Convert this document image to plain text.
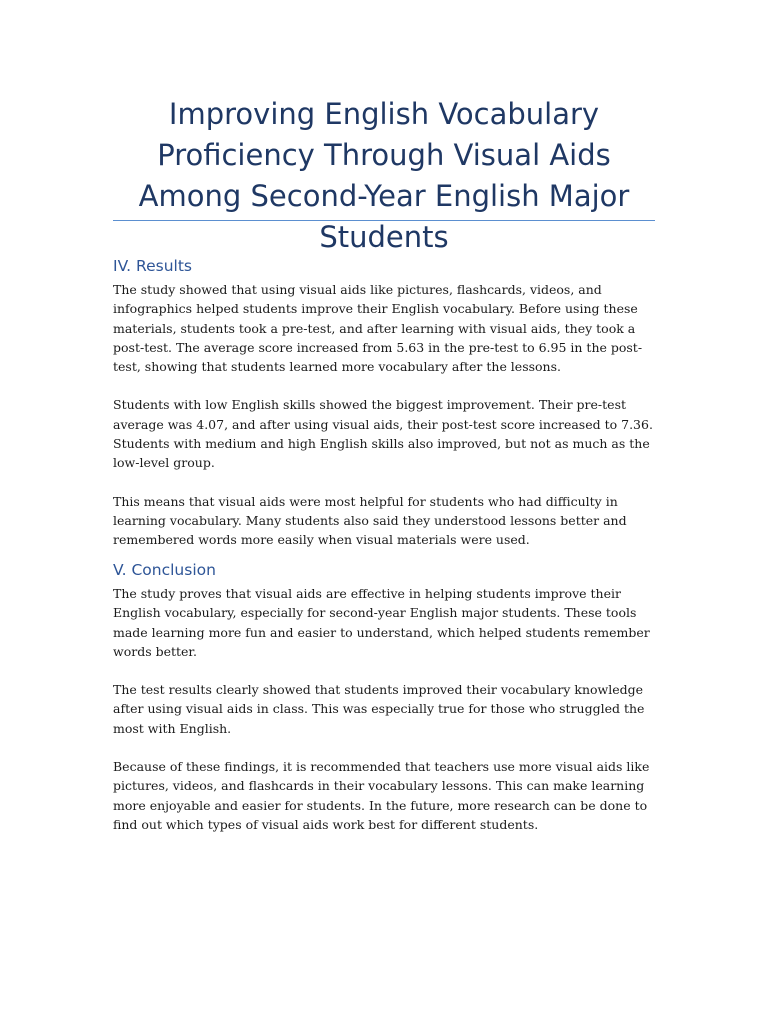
Improving English Vocabulary Proficiency Through Visual Aids Among Second-Year English Major Students
IV. Results

The study showed that using visual aids like pictures, flashcards, videos, and infographics helped students improve their English vocabulary. Before using these materials, students took a pre-test, and after learning with visual aids, they took a post-test. The average score increased from 5.63 in the pre-test to 6.95 in the post-test, showing that students learned more vocabulary after the lessons.

Students with low English skills showed the biggest improvement. Their pre-test average was 4.07, and after using visual aids, their post-test score increased to 7.36. Students with medium and high English skills also improved, but not as much as the low-level group.

This means that visual aids were most helpful for students who had difficulty in learning vocabulary. Many students also said they understood lessons better and remembered words more easily when visual materials were used.

V. Conclusion

The study proves that visual aids are effective in helping students improve their English vocabulary, especially for second-year English major students. These tools made learning more fun and easier to understand, which helped students remember words better.

The test results clearly showed that students improved their vocabulary knowledge after using visual aids in class. This was especially true for those who struggled the most with English.

Because of these findings, it is recommended that teachers use more visual aids like pictures, videos, and flashcards in their vocabulary lessons. This can make learning more enjoyable and easier for students. In the future, more research can be done to find out which types of visual aids work best for different students.
